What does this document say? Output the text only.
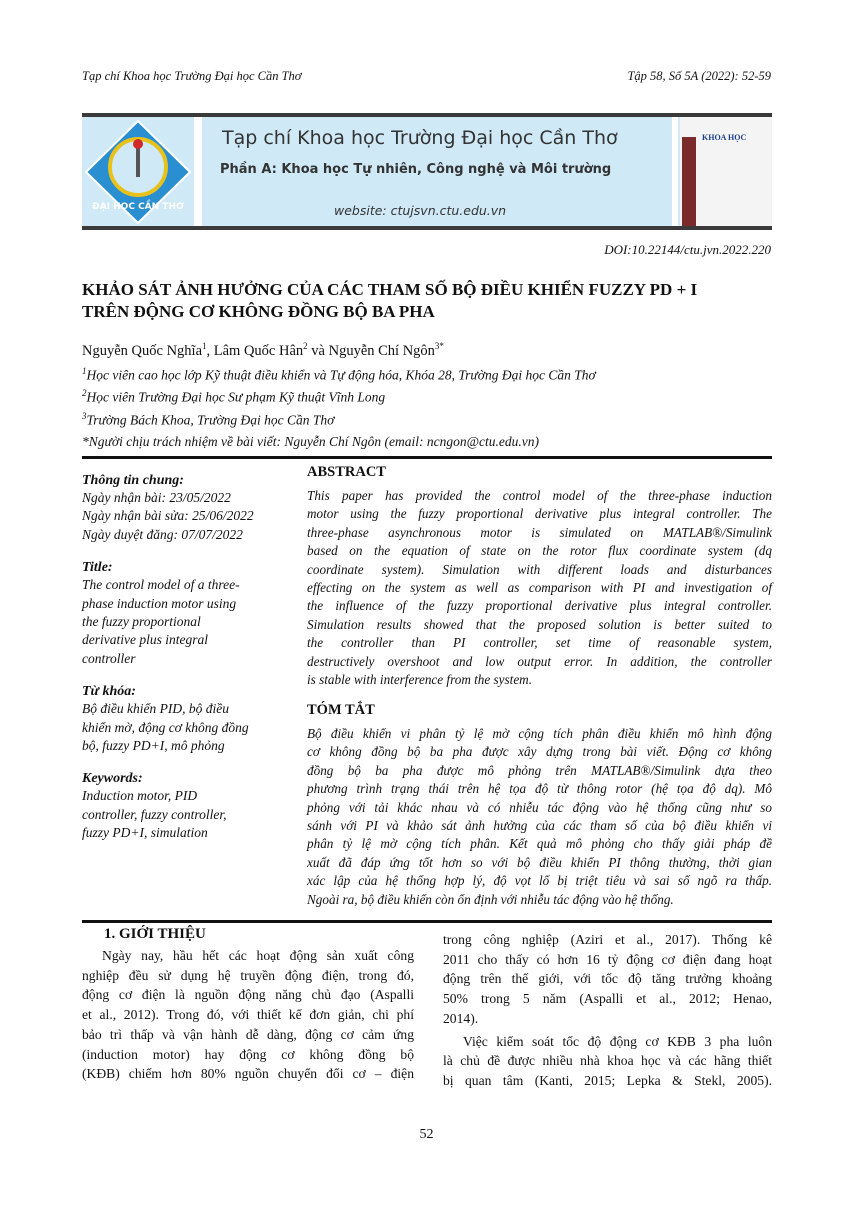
Tạp chí Khoa học Trường Đại học Cần Thơ	Tập 58, Số 5A (2022): 52-59
ĐẠI HỌC CẦN THƠ
Tạp chí Khoa học Trường Đại học Cần Thơ
Phần A: Khoa học Tự nhiên, Công nghệ và Môi trường
website: ctujsvn.ctu.edu.vn
KHOA HỌC
DOI:10.22144/ctu.jvn.2022.220
KHẢO SÁT ẢNH HƯỞNG CỦA CÁC THAM SỐ BỘ ĐIỀU KHIỂN FUZZY PD + I
TRÊN ĐỘNG CƠ KHÔNG ĐỒNG BỘ BA PHA
Nguyễn Quốc Nghĩa$^1$, Lâm Quốc Hân$^2$ và Nguyễn Chí Ngôn$^{3*}$
$^1$Học viên cao học lớp Kỹ thuật điều khiển và Tự động hóa, Khóa 28, Trường Đại học Cần Thơ
$^2$Học viên Trường Đại học Sư phạm Kỹ thuật Vĩnh Long
$^3$Trường Bách Khoa, Trường Đại học Cần Thơ
*Người chịu trách nhiệm về bài viết: Nguyễn Chí Ngôn (email: ncngon@ctu.edu.vn)
Thông tin chung:
Ngày nhận bài: 23/05/2022
Ngày nhận bài sửa: 25/06/2022
Ngày duyệt đăng: 07/07/2022
Title:
The control model of a three-
phase induction motor using
the fuzzy proportional
derivative plus integral
controller
Từ khóa:
Bộ điều khiển PID, bộ điều
khiển mờ, động cơ không đồng
bộ, fuzzy PD+I, mô phỏng
Keywords:
Induction motor, PID
controller, fuzzy controller,
fuzzy PD+I, simulation
ABSTRACT
This paper has provided the control model of the three-phase induction
motor using the fuzzy proportional derivative plus integral controller. The
three-phase asynchronous motor is simulated on MATLAB®/Simulink
based on the equation of state on the rotor flux coordinate system (dq
coordinate system). Simulation with different loads and disturbances
effecting on the system as well as comparison with PI and investigation of
the influence of the fuzzy proportional derivative plus integral controller.
Simulation results showed that the proposed solution is better suited to
the controller than PI controller, set time of reasonable system,
destructively overshoot and low output error. In addition, the controller
is stable with interference from the system.
TÓM TẮT
Bộ điều khiển vi phân tỷ lệ mờ cộng tích phân điều khiển mô hình động
cơ không đồng bộ ba pha được xây dựng trong bài viết. Động cơ không
đồng bộ ba pha được mô phỏng trên MATLAB®/Simulink dựa theo
phương trình trạng thái trên hệ tọa độ từ thông rotor (hệ tọa độ dq). Mô
phỏng với tải khác nhau và có nhiễu tác động vào hệ thống cũng như so
sánh với PI và khảo sát ảnh hưởng của các tham số của bộ điều khiển vi
phân tỷ lệ mờ cộng tích phân. Kết quả mô phỏng cho thấy giải pháp đề
xuất đã đáp ứng tốt hơn so với bộ điều khiển PI thông thường, thời gian
xác lập của hệ thống hợp lý, độ vọt lố bị triệt tiêu và sai số ngõ ra thấp.
Ngoài ra, bộ điều khiển còn ổn định với nhiễu tác động vào hệ thống.
1. GIỚI THIỆU
Ngày nay, hầu hết các hoạt động sản xuất công
nghiệp đều sử dụng hệ truyền động điện, trong đó,
động cơ điện là nguồn động năng chủ đạo (Aspalli
et al., 2012). Trong đó, với thiết kế đơn giản, chi phí
bảo trì thấp và vận hành dễ dàng, động cơ cảm ứng
(induction motor) hay động cơ không đồng bộ
(KĐB) chiếm hơn 80% nguồn chuyển đổi cơ – điện
trong công nghiệp (Aziri et al., 2017). Thống kê
2011 cho thấy có hơn 16 tỷ động cơ điện đang hoạt
động trên thế giới, với tốc độ tăng trưởng khoảng
50% trong 5 năm (Aspalli et al., 2012; Henao,
2014).
Việc kiểm soát tốc độ động cơ KĐB 3 pha luôn
là chủ đề được nhiều nhà khoa học và các hãng thiết
bị quan tâm (Kanti, 2015; Lepka & Stekl, 2005).
52
